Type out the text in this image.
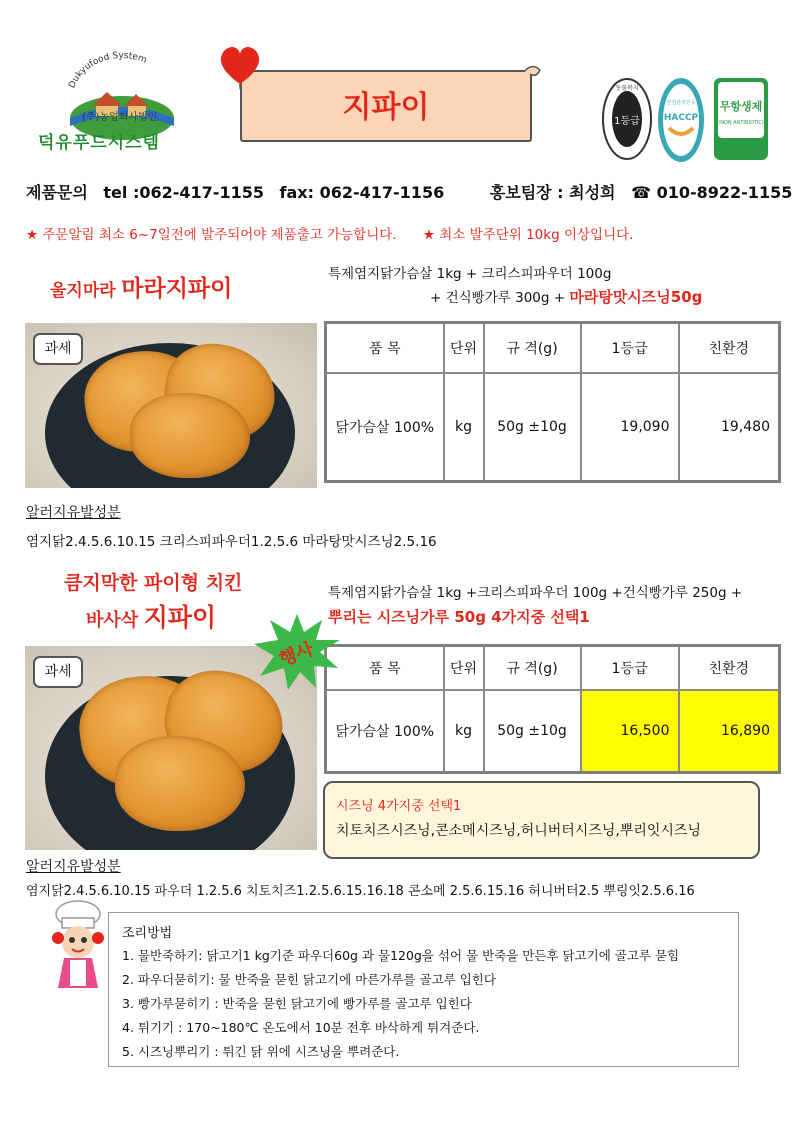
Dukyufood System
(주)농업회사법인
덕유푸드시스템
지파이	1등급
동물복지
안전관리인증
HACCP
무항생제
(NON ANTIBIOTIC)
제품문의 tel :062-417-1155 fax: 062-417-1156	홍보팀장 : 최성희 ☎ 010-8922-1155
★ 주문알림 최소 6~7일전에 발주되어야 제품출고 가능합니다. ★ 최소 발주단위 10kg 이상입니다.
울지마라 마라지파이
특제염지닭가슴살 1kg + 크리스피파우더 100g
+ 건식빵가루 300g + 마라탕맛시즈닝50g
과세	품 목	단위	규 격(g)	1등급	친환경
닭가슴살 100%	kg	50g ±10g	19,090	19,480
알러지유발성분
염지닭2.4.5.6.10.15 크리스피파우더1.2.5.6 마라탕맛시즈닝2.5.16
큼지막한 파이형 치킨
바사삭 지파이
특제염지닭가슴살 1kg +크리스피파우더 100g +건식빵가루 250g +
뿌리는 시즈닝가루 50g 4가지중 선택1
과세	품 목	단위	규 격(g)	1등급	친환경
닭가슴살 100%	kg	50g ±10g	16,500	16,890
행사
시즈닝 4가지중 선택1
치토치즈시즈닝,콘소메시즈닝,허니버터시즈닝,뿌리잇시즈닝
알러지유발성분
염지닭2.4.5.6.10.15 파우더 1.2.5.6 치토치즈1.2.5.6.15.16.18 콘소메 2.5.6.15.16 허니버터2.5 뿌링잇2.5.6.16
조리방법
1. 물반죽하기: 닭고기1 kg기준 파우더60g 과 물120g을 섞어 물 반죽을 만든후 닭고기에 골고루 묻힘
2. 파우더묻히기: 물 반죽을 묻힌 닭고기에 마른가루를 골고루 입힌다
3. 빵가루묻히기 : 반죽을 묻힌 닭고기에 빵가루를 골고루 입힌다
4. 튀기기 : 170~180℃ 온도에서 10분 전후 바삭하게 튀겨준다.
5. 시즈닝뿌리기 : 튀긴 닭 위에 시즈닝을 뿌려준다.
